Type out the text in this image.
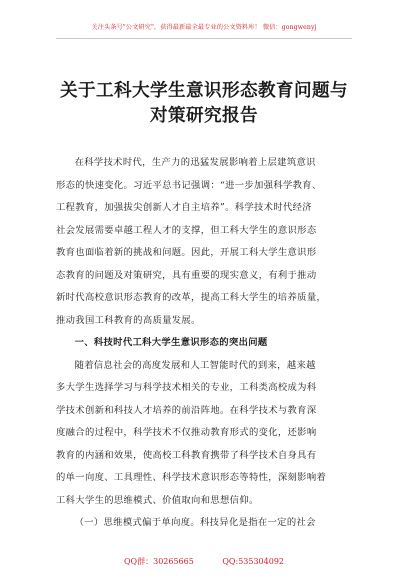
关注头条号"公文研究"，获得最新最全最专业的公文资料库！ 微信：gongwenyj
关于工科大学生意识形态教育问题与
对策研究报告
在科学技术时代，生产力的迅猛发展影响着上层建筑意识
形态的快速变化。习近平总书记强调：“进一步加强科学教育、
工程教育，加强拔尖创新人才自主培养”。科学技术时代经济
社会发展需要卓越工程人才的支撑，但工科大学生的意识形态
教育也面临着新的挑战和问题。因此，开展工科大学生意识形
态教育的问题及对策研究，具有重要的现实意义，有利于推动
新时代高校意识形态教育的改革，提高工科大学生的培养质量，
推动我国工科教育的高质量发展。
一、科技时代工科大学生意识形态的突出问题
随着信息社会的高度发展和人工智能时代的到来，越来越
多大学生选择学习与科学技术相关的专业，工科类高校成为科
学技术创新和科技人才培养的前沿阵地。在科学技术与教育深
度融合的过程中，科学技术不仅推动教育形式的变化，还影响
教育的内涵和效果，使高校工科教育携带了科学技术自身具有
的单一向度、工具理性、科学技术意识形态等特性，深刻影响着
工科大学生的思维模式、价值取向和思想信仰。
（一）思维模式偏于单向度。科技异化是指在一定的社会
QQ群：30265665	QQ:535304092
